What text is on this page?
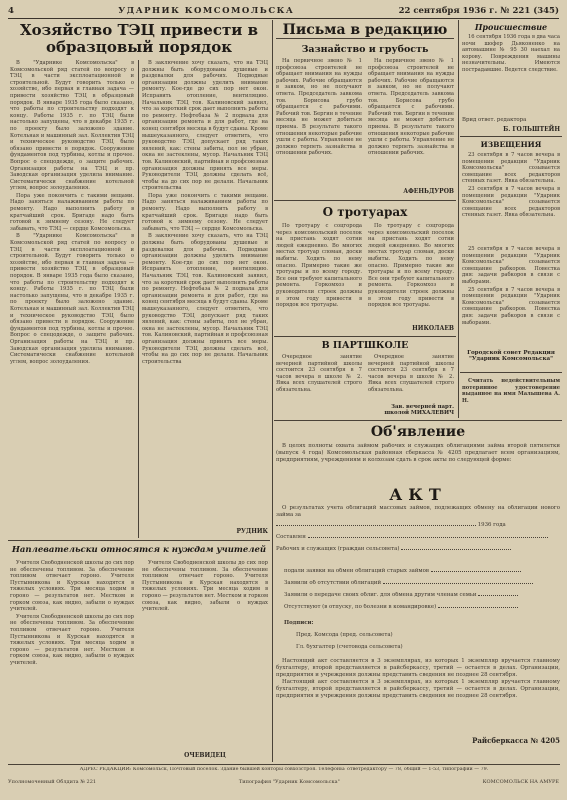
4	УДАРНИК КОМСОМОЛЬСКА	22 сентября 1936 г. № 221 (345)
Хозяйство ТЭЦ привести в образцовый порядок

В "Ударнике Комсомольска" в Комсомольской ряд статей по вопросу о ТЭЦ в части эксплоатационной и строительной. Будут говорить только о хозяйстве, ибо первая и главная задача — привести хозяйство ТЭЦ в образцовый порядок. В январе 1935 года было сказано, что работы по строительству подходят к концу. Работы 1935 г. по ТЭЦ были настолько запущены, что в декабре 1935 г. по проекту было заложено здание. Котельная и машинный зал. Коллектив ТЭЦ и техническое руководство ТЭЦ было обязано привести в порядок. Сооружение фундаментов под турбины, котлы и прочее. Вопрос о спецодежде, о защите рабочих. Организация работы на ТЭЦ и пр. Заводская организация уделила внимание. Систематически снабжение котельной углем, вопрос золоудаления.

Пора уже покончить с такими вещами. Надо заняться налаживанием работы по ремонту. Надо выполнить работу в кратчайший срок. Бригаде надо быть готовой к зимнему сезону. Не следует забывать, что ТЭЦ — сердце Комсомольска.

В "Ударнике Комсомольска" в Комсомольской ряд статей по вопросу о ТЭЦ в части эксплоатационной и строительной. Будут говорить только о хозяйстве, ибо первая и главная задача — привести хозяйство ТЭЦ в образцовый порядок. В январе 1935 года было сказано, что работы по строительству подходят к концу. Работы 1935 г. по ТЭЦ были настолько запущены, что в декабре 1935 г. по проекту было заложено здание. Котельная и машинный зал. Коллектив ТЭЦ и техническое руководство ТЭЦ было обязано привести в порядок. Сооружение фундаментов под турбины, котлы и прочее. Вопрос о спецодежде, о защите рабочих. Организация работы на ТЭЦ и пр. Заводская организация уделила внимание. Систематически снабжение котельной углем, вопрос золоудаления.

В заключение хочу сказать, что на ТЭЦ должны быть оборудованы душевые и раздевалки для рабочих. Подводные организации должны уделить внимание ремонту. Кое-где до сих пор нет окон. Исправить отопление, вентиляцию. Начальник ТЭЦ тов. Калиновский заявил, что за короткий срок дает выполнить работы по ремонту. Нефтебаза № 2 подвала для организации ремонта и для работ, где на конец сентября месяца в будут сданы. Кроме вышеуказанного, следует отметить, что руководство ТЭЦ допускает ряд таких явлений, как: стены забиты, пол не убран, окна не застеклены, мусор. Начальник ТЭЦ тов. Калиновский, партийная и профсоюзная организация должны принять все меры. Руководители ТЭЦ должны сделать всё, чтобы на до сих пор не делали. Начальник строительства

Пора уже покончить с такими вещами. Надо заняться налаживанием работы по ремонту. Надо выполнить работу в кратчайший срок. Бригаде надо быть готовой к зимнему сезону. Не следует забывать, что ТЭЦ — сердце Комсомольска.

В заключение хочу сказать, что на ТЭЦ должны быть оборудованы душевые и раздевалки для рабочих. Подводные организации должны уделить внимание ремонту. Кое-где до сих пор нет окон. Исправить отопление, вентиляцию. Начальник ТЭЦ тов. Калиновский заявил, что за короткий срок дает выполнить работы по ремонту. Нефтебаза № 2 подвала для организации ремонта и для работ, где на конец сентября месяца в будут сданы. Кроме вышеуказанного, следует отметить, что руководство ТЭЦ допускает ряд таких явлений, как: стены забиты, пол не убран, окна не застеклены, мусор. Начальник ТЭЦ тов. Калиновский, партийная и профсоюзная организация должны принять все меры. Руководители ТЭЦ должны сделать всё, чтобы на до сих пор не делали. Начальник строительства

РУДНИК
Наплевательски относятся к нуждам учителей

Учителя Свободненской школы до сих пор не обеспечены топливом. За обеспечение топливом отвечает гороно. Учителя Пустынникова и Курская находятся в тяжелых условиях. Три месяца ходим в гороно — результатов нет. Местком и горком союза, как видно, забыли о нуждах учителей.

Учителя Свободненской школы до сих пор не обеспечены топливом. За обеспечение топливом отвечает гороно. Учителя Пустынникова и Курская находятся в тяжелых условиях. Три месяца ходим в гороно — результатов нет. Местком и горком союза, как видно, забыли о нуждах учителей.

Учителя Свободненской школы до сих пор не обеспечены топливом. За обеспечение топливом отвечает гороно. Учителя Пустынникова и Курская находятся в тяжелых условиях. Три месяца ходим в гороно — результатов нет. Местком и горком союза, как видно, забыли о нуждах учителей.

ОЧЕВИДЕЦ
Письма в редакцию
Зазнайство и грубость

На первичное звено № 1 профсоюза строителей не обращает внимания на нужды рабочих. Рабочие обращаются в завком, но не получают ответа. Председатель завкома тов. Борисова грубо обращается с рабочими. Рабочий тов. Бергин в течение месяца не может добиться приема. В результате такого отношения некоторые рабочие ушли с работы. Управление не должно терпеть зазнайства в отношении рабочих.

На первичное звено № 1 профсоюза строителей не обращает внимания на нужды рабочих. Рабочие обращаются в завком, но не получают ответа. Председатель завкома тов. Борисова грубо обращается с рабочими. Рабочий тов. Бергин в течение месяца не может добиться приема. В результате такого отношения некоторые рабочие ушли с работы. Управление не должно терпеть зазнайства в отношении рабочих.

АФЕНЬДУРОВ
О тротуарах

По тротуару с соцгорода через комсомольский поселок на пристань ходят сотни людей ежедневно. Во многих местах тротуар сломан, доски выбиты. Ходить по нему опасно. Примерно такие же тротуары и по всему городу. Все они требуют капитального ремонта. Горкомхоз и руководители строек должны в этом году привести в порядок все тротуары.

По тротуару с соцгорода через комсомольский поселок на пристань ходят сотни людей ежедневно. Во многих местах тротуар сломан, доски выбиты. Ходить по нему опасно. Примерно такие же тротуары и по всему городу. Все они требуют капитального ремонта. Горкомхоз и руководители строек должны в этом году привести в порядок все тротуары.

НИКОЛАЕВ
В ПАРТШКОЛЕ

Очередное занятие вечерней партийной школы состоится 23 сентября в 7 часов вечера в школе № 2. Явка всех слушателей строго обязательна.

Очередное занятие вечерней партийной школы состоится 23 сентября в 7 часов вечера в школе № 2. Явка всех слушателей строго обязательна.

Зав. вечерней парт. школой МИХАЛЕВИЧ
Происшествие

16 сентября 1936 года в два часа ночи шофер Дьяконенко на автомашине № 95 30 наехал на корову. Повреждения машины незначительны. Имеются пострадавшие. Ведется следствие.

Врид ответ. редактора
Б. ГОЛЬШТЕЙН
ИЗВЕЩЕНИЯ

23 сентября в 7 часов вечера в помещении редакции "Ударник Комсомольска" созывается совещание всех редакторов стенных газет. Явка обязательна.

23 сентября в 7 часов вечера в помещении редакции "Ударник Комсомольска" созывается совещание всех редакторов стенных газет. Явка обязательна.

25 сентября в 7 часов вечера в помещении редакции "Ударник Комсомольска" созывается совещание рабкоров. Повестка дня: задачи рабкоров в связи с выборами.

25 сентября в 7 часов вечера в помещении редакции "Ударник Комсомольска" созывается совещание рабкоров. Повестка дня: задачи рабкоров в связи с выборами.

Городской совет Редакция "Ударник Комсомольска"

Считать недействительным потерянное удостоверение выданное на имя Малышева А. Н.

Об'явление

В целях полноты охвата займом рабочих и служащих облигациями займа второй пятилетки (выпуск 4 года) Комсомольская районная сберкасса № 4205 предлагает всем организациям, предприятиям, учреждениям и колхозам сдать в срок акты по следующей форме:

АКТ

О результатах учета облигаций массовых займов, подлежащих обмену на облигации нового займа за

1936 года
Составлен
Рабочих и служащих (граждан сельсовета)
подали заявки на обмен облигаций старых займов
Заявили об отсутствии облигаций
Заявили о передаче своих облиг. для обмена другим членам семьи
Отсутствуют (в отпуску, по болезни в командировке)
Подписи:
Пред. Комсода (пред. сельсовета)
Гл. бухгалтер (счетовода сельсовета)

Настоящий акт составляется в 3 экземплярах, из которых 1 экземпляр вручается главному бухгалтеру, второй представляется в райсберкассу, третий — остается в делах. Организации, предприятия и учреждения должны представить сведения не позднее 28 сентября.

Настоящий акт составляется в 3 экземплярах, из которых 1 экземпляр вручается главному бухгалтеру, второй представляется в райсберкассу, третий — остается в делах. Организации, предприятия и учреждения должны представить сведения не позднее 28 сентября.

Райсберкасса № 4205
АДРЕС РЕДАКЦИИ: Комсомольск, Почтовый поселок. Здание бывшей конторы совхозстроя. Телефоны: ответредактору — 78, общий — 1-53, типографии — 79.
Уполномоченный Облдита № 221	Типография "Ударник Комсомольска"	КОМСОМОЛЬСК НА АМУРЕ
